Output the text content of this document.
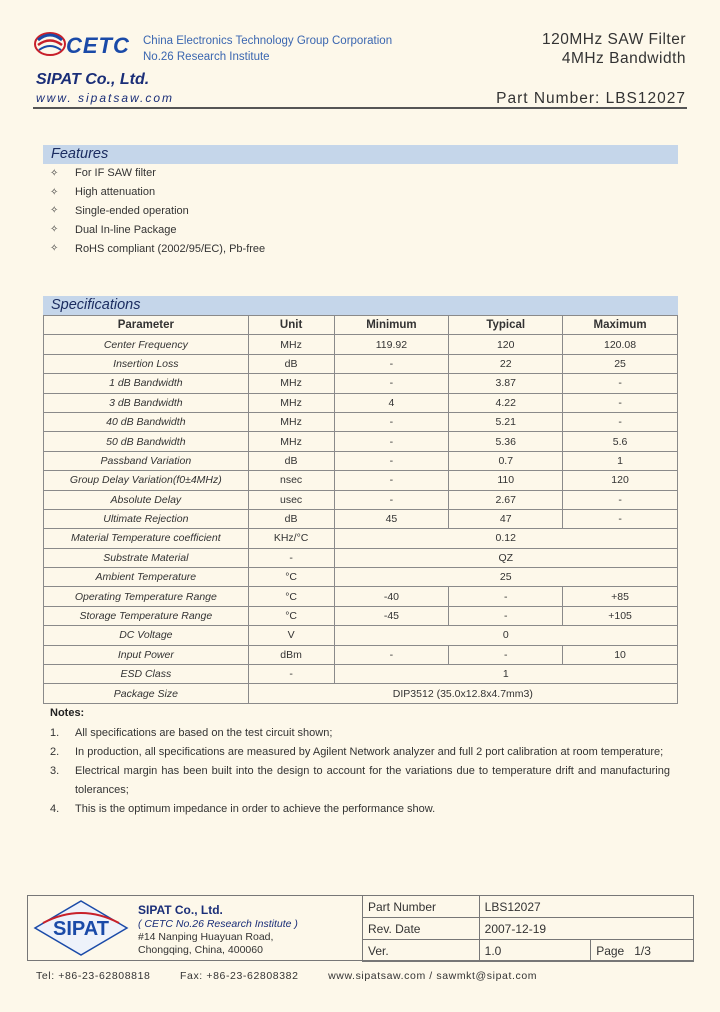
CETC China Electronics Technology Group Corporation
No.26 Research Institute
SIPAT Co., Ltd.
www. sipatsaw.com
120MHz SAW Filter
4MHz Bandwidth
Part Number: LBS12027
Features
✧	For IF SAW filter
✧	High attenuation
✧	Single-ended operation
✧	Dual In-line Package
✧	RoHS compliant (2002/95/EC), Pb-free
Specifications
Parameter	Unit	Minimum	Typical	Maximum
Center Frequency	MHz	119.92	120	120.08
Insertion Loss	dB	-	22	25
1 dB Bandwidth	MHz	-	3.87	-
3 dB Bandwidth	MHz	4	4.22	-
40 dB Bandwidth	MHz	-	5.21	-
50 dB Bandwidth	MHz	-	5.36	5.6
Passband Variation	dB	-	0.7	1
Group Delay Variation(f0±4MHz)	nsec	-	110	120
Absolute Delay	usec	-	2.67	-
Ultimate Rejection	dB	45	47	-
Material Temperature coefficient	KHz/°C	0.12		
Substrate Material	-	QZ		
Ambient Temperature	°C	25		
Operating Temperature Range	°C	-40	-	+85
Storage Temperature Range	°C	-45	-	+105
DC Voltage	V	0		
Input Power	dBm	-	-	10
ESD Class	-	1		
Package Size	DIP3512 (35.0x12.8x4.7mm3)			
Notes:
1.	All specifications are based on the test circuit shown;
2.	In production, all specifications are measured by Agilent Network analyzer and full 2 port calibration at room temperature;
3.	Electrical margin has been built into the design to account for the variations due to temperature drift and manufacturing tolerances;
4.	This is the optimum impedance in order to achieve the performance show.
SIPAT
SIPAT Co., Ltd.
( CETC No.26 Research Institute )
#14 Nanping Huayuan Road,
Chongqing, China, 400060
Part Number	LBS12027	
Rev. Date	2007-12-19	
Ver.	1.0	Page 1/3
Tel: +86-23-62808818	Fax: +86-23-62808382	www.sipatsaw.com / sawmkt@sipat.com
